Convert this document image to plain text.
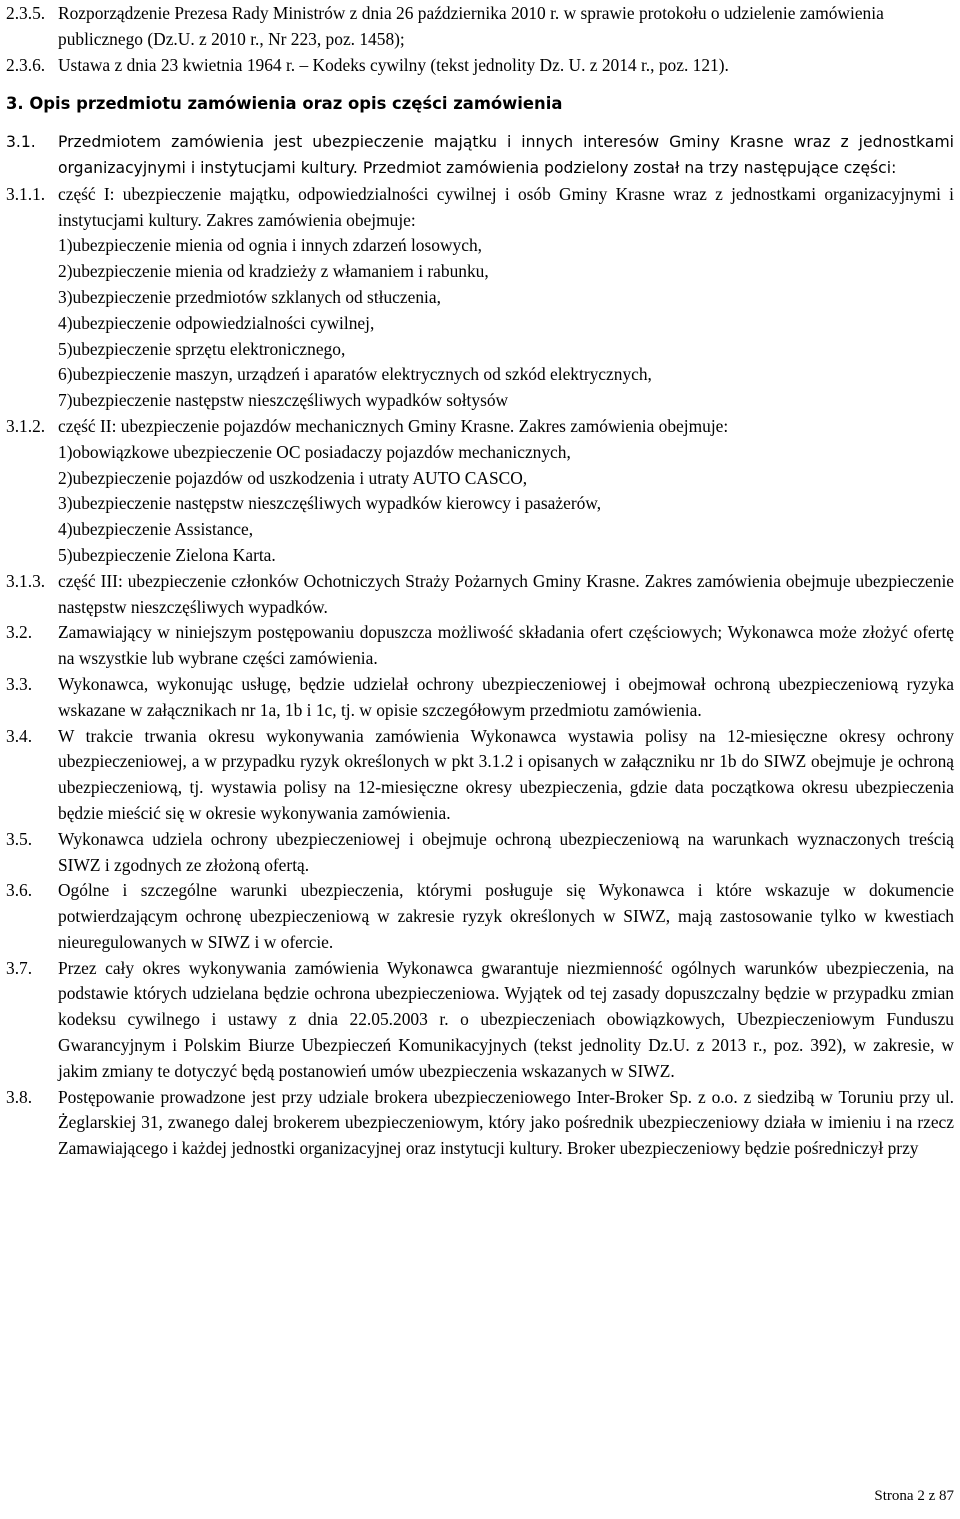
2.3.5. Rozporządzenie Prezesa Rady Ministrów z dnia 26 października 2010 r. w sprawie protokołu o udzielenie zamówienia publicznego (Dz.U. z 2010 r., Nr 223, poz. 1458);
2.3.6. Ustawa z dnia 23 kwietnia 1964 r. – Kodeks cywilny (tekst jednolity Dz. U. z 2014 r., poz. 121).
3. Opis przedmiotu zamówienia oraz opis części zamówienia
3.1.	Przedmiotem zamówienia jest ubezpieczenie majątku i innych interesów Gminy Krasne wraz z jednostkami organizacyjnymi i instytucjami kultury. Przedmiot zamówienia podzielony został na trzy następujące części:
3.1.1. część I: ubezpieczenie majątku, odpowiedzialności cywilnej i osób Gminy Krasne wraz z jednostkami organizacyjnymi i instytucjami kultury. Zakres zamówienia obejmuje:
1) ubezpieczenie mienia od ognia i innych zdarzeń losowych,
2) ubezpieczenie mienia od kradzieży z włamaniem i rabunku,
3) ubezpieczenie przedmiotów szklanych od stłuczenia,
4) ubezpieczenie odpowiedzialności cywilnej,
5) ubezpieczenie sprzętu elektronicznego,
6) ubezpieczenie maszyn, urządzeń i aparatów elektrycznych od szkód elektrycznych,
7) ubezpieczenie następstw nieszczęśliwych wypadków sołtysów
3.1.2. część II: ubezpieczenie pojazdów mechanicznych Gminy Krasne. Zakres zamówienia obejmuje:
1) obowiązkowe ubezpieczenie OC posiadaczy pojazdów mechanicznych,
2) ubezpieczenie pojazdów od uszkodzenia i utraty AUTO CASCO,
3) ubezpieczenie następstw nieszczęśliwych wypadków kierowcy i pasażerów,
4) ubezpieczenie Assistance,
5) ubezpieczenie Zielona Karta.
3.1.3. część III: ubezpieczenie członków Ochotniczych Straży Pożarnych Gminy Krasne. Zakres zamówienia obejmuje ubezpieczenie następstw nieszczęśliwych wypadków.
3.2.	Zamawiający w niniejszym postępowaniu dopuszcza możliwość składania ofert częściowych; Wykonawca może złożyć ofertę na wszystkie lub wybrane części zamówienia.
3.3.	Wykonawca, wykonując usługę, będzie udzielał ochrony ubezpieczeniowej i obejmował ochroną ubezpieczeniową ryzyka wskazane w załącznikach nr 1a, 1b i 1c, tj. w opisie szczegółowym przedmiotu zamówienia.
3.4.	W trakcie trwania okresu wykonywania zamówienia Wykonawca wystawia polisy na 12-miesięczne okresy ochrony ubezpieczeniowej, a w przypadku ryzyk określonych w pkt 3.1.2 i opisanych w załączniku nr 1b do SIWZ obejmuje je ochroną ubezpieczeniową, tj. wystawia polisy na 12-miesięczne okresy ubezpieczenia, gdzie data początkowa okresu ubezpieczenia będzie mieścić się w okresie wykonywania zamówienia.
3.5.	Wykonawca udziela ochrony ubezpieczeniowej i obejmuje ochroną ubezpieczeniową na warunkach wyznaczonych treścią SIWZ i zgodnych ze złożoną ofertą.
3.6.	Ogólne i szczególne warunki ubezpieczenia, którymi posługuje się Wykonawca i które wskazuje w dokumencie potwierdzającym ochronę ubezpieczeniową w zakresie ryzyk określonych w SIWZ, mają zastosowanie tylko w kwestiach nieuregulowanych w SIWZ i w ofercie.
3.7.	Przez cały okres wykonywania zamówienia Wykonawca gwarantuje niezmienność ogólnych warunków ubezpieczenia, na podstawie których udzielana będzie ochrona ubezpieczeniowa. Wyjątek od tej zasady dopuszczalny będzie w przypadku zmian kodeksu cywilnego i ustawy z dnia 22.05.2003 r. o ubezpieczeniach obowiązkowych, Ubezpieczeniowym Funduszu Gwarancyjnym i Polskim Biurze Ubezpieczeń Komunikacyjnych (tekst jednolity Dz.U. z 2013 r., poz. 392), w zakresie, w jakim zmiany te dotyczyć będą postanowień umów ubezpieczenia wskazanych w SIWZ.
3.8.	Postępowanie prowadzone jest przy udziale brokera ubezpieczeniowego Inter-Broker Sp. z o.o. z siedzibą w Toruniu przy ul. Żeglarskiej 31, zwanego dalej brokerem ubezpieczeniowym, który jako pośrednik ubezpieczeniowy działa w imieniu i na rzecz Zamawiającego i każdej jednostki organizacyjnej oraz instytucji kultury. Broker ubezpieczeniowy będzie pośredniczył przy
Strona 2 z 87
